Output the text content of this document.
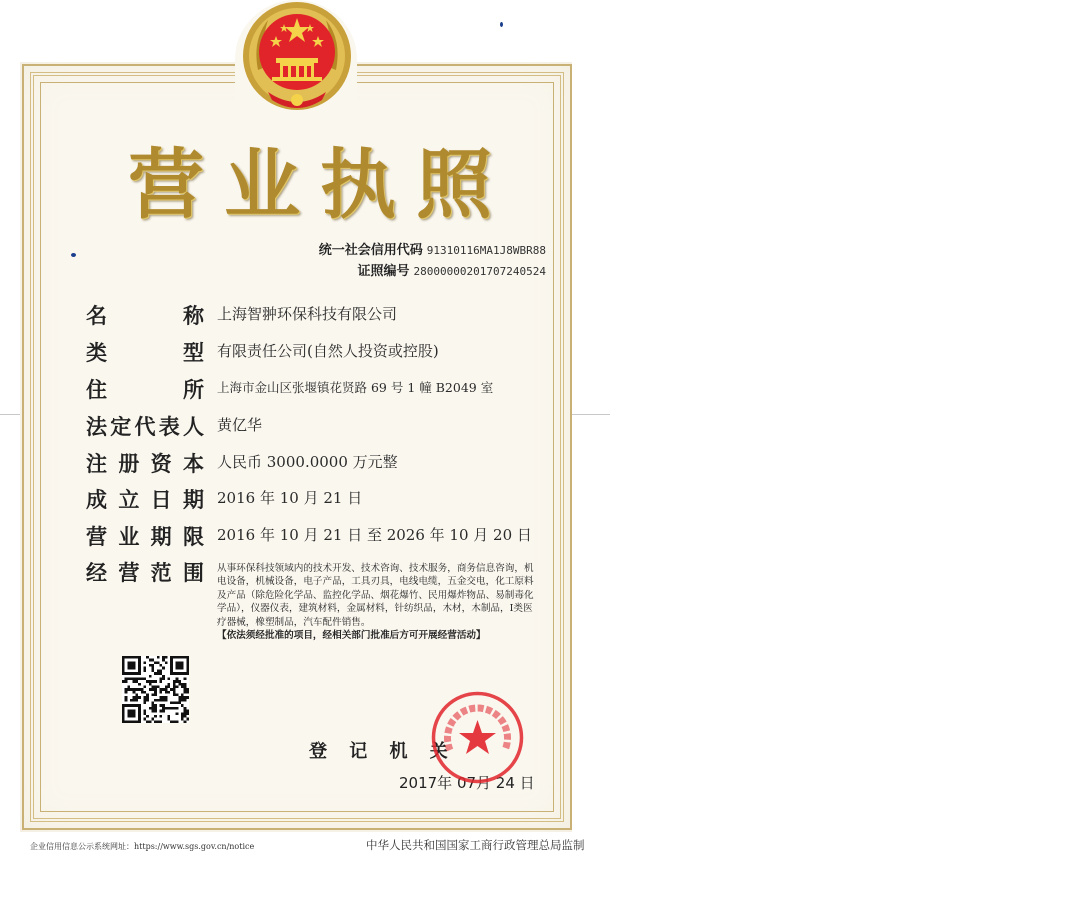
营业执照
统一社会信用代码 91310116MA1J8WBR88
证照编号 28000000201707240524
名	称 上海智翀环保科技有限公司
类	型 有限责任公司(自然人投资或控股)
住	所 上海市金山区张堰镇花贤路 69 号 1 幢 B2049 室
法 定 代 表 人 黄亿华
注 册 资 本 人民币 3000.0000 万元整
成 立 日 期 2016 年 10 月 21 日
营 业 期 限 2016 年 10 月 21 日 至 2026 年 10 月 20 日
经 营 范 围 从事环保科技领域内的技术开发、技术咨询、技术服务，商务信息咨询，机电设备，机械设备，电子产品，工具刃具，电线电缆，五金交电，化工原料及产品（除危险化学品、监控化学品、烟花爆竹、民用爆炸物品、易制毒化学品），仪器仪表，建筑材料，金属材料，针纺织品，木材，木制品，Ⅰ类医疗器械，橡塑制品，汽车配件销售。
【依法须经批准的项目，经相关部门批准后方可开展经营活动】
登 记 机 关
2017年 07月 24 日
企业信用信息公示系统网址：https://www.sgs.gov.cn/notice	中华人民共和国国家工商行政管理总局监制
